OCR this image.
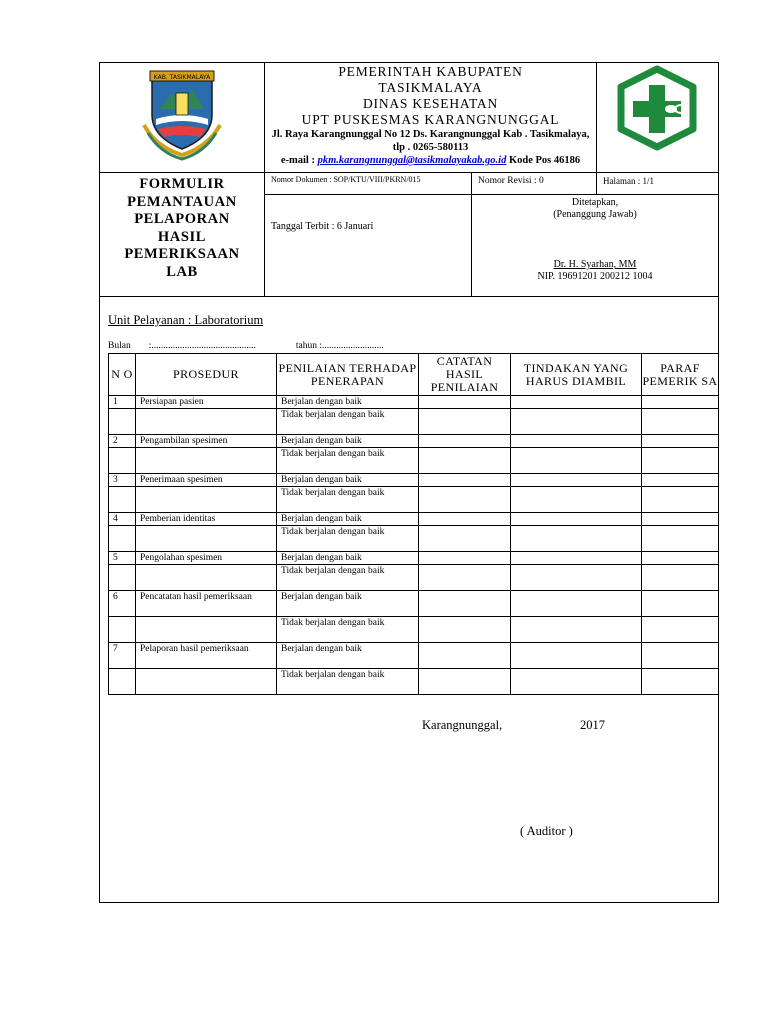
KAB. TASIKMALAYA	PEMERINTAH KABUPATEN
TASIKMALAYA
DINAS KESEHATAN
UPT PUSKESMAS KARANGNUNGGAL
Jl. Raya Karangnunggal No 12 Ds. Karangnunggal Kab . Tasikmalaya, tlp . 0265-580113
e-mail : pkm.karangnunggal@tasikmalayakab.go.id Kode Pos 46186
FORMULIR
PEMANTAUAN
PELAPORAN
HASIL
PEMERIKSAAN
LAB
Nomor Dokumen : SOP/KTU/VIII/PKRN/015	Nomor Revisi : 0	Halaman : 1/1
Tanggal Terbit : 6 Januari
Ditetapkan,
(Penanggung Jawab)
Dr. H. Syarhan, MM
NIP. 19691201 200212 1004
Unit Pelayanan : Laboratorium
Bulan :............................................	tahun :..........................
N O	PROSEDUR	PENILAIAN TERHADAP PENERAPAN	CATATAN HASIL PENILAIAN	TINDAKAN YANG HARUS DIAMBIL	PARAF PEMERIK SA
1	Persiapan pasien	Berjalan dengan baik			
		Tidak berjalan dengan baik			
2	Pengambilan spesimen	Berjalan dengan baik			
		Tidak berjalan dengan baik			
3	Penerimaan spesimen	Berjalan dengan baik			
		Tidak berjalan dengan baik			
4	Pemberian identitas	Berjalan dengan baik			
		Tidak berjalan dengan baik			
5	Pengolahan spesimen	Berjalan dengan baik			
		Tidak berjalan dengan baik			
6	Pencatatan hasil pemeriksaan	Berjalan dengan baik			
		Tidak berjalan dengan baik			
7	Pelaporan hasil pemeriksaan	Berjalan dengan baik			
		Tidak berjalan dengan baik			
Karangnunggal,	2017
( Auditor )
